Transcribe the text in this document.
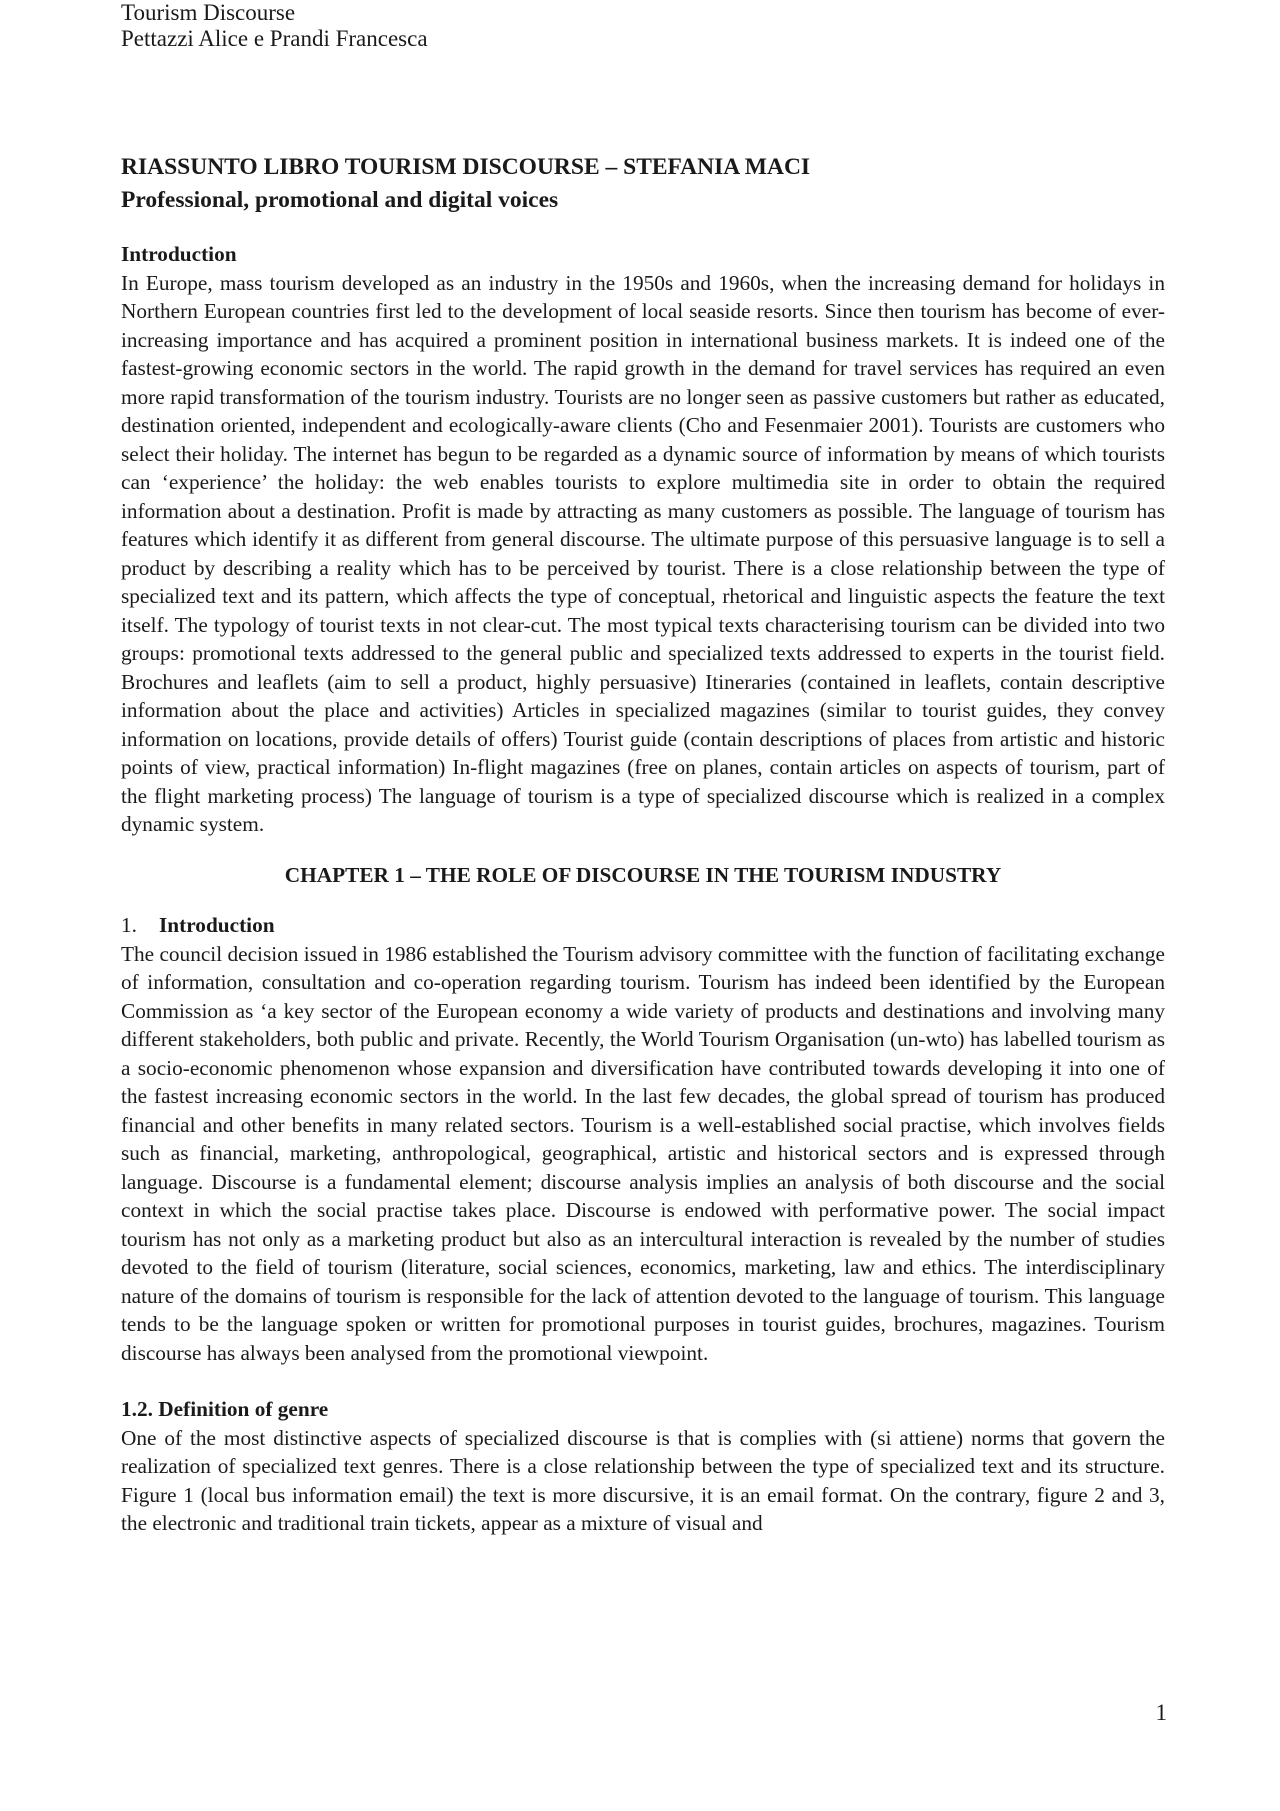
Tourism Discourse
Pettazzi Alice e Prandi Francesca

RIASSUNTO LIBRO TOURISM DISCOURSE – STEFANIA MACI

Professional, promotional and digital voices

Introduction

In Europe, mass tourism developed as an industry in the 1950s and 1960s, when the increasing demand for holidays in Northern European countries first led to the development of local seaside resorts. Since then tourism has become of ever-increasing importance and has acquired a prominent position in international business markets. It is indeed one of the fastest-growing economic sectors in the world. The rapid growth in the demand for travel services has required an even more rapid transformation of the tourism industry. Tourists are no longer seen as passive customers but rather as educated, destination oriented, independent and ecologically-aware clients (Cho and Fesenmaier 2001). Tourists are customers who select their holiday. The internet has begun to be regarded as a dynamic source of information by means of which tourists can ‘experience’ the holiday: the web enables tourists to explore multimedia site in order to obtain the required information about a destination. Profit is made by attracting as many customers as possible. The language of tourism has features which identify it as different from general discourse. The ultimate purpose of this persuasive language is to sell a product by describing a reality which has to be perceived by tourist. There is a close relationship between the type of specialized text and its pattern, which affects the type of conceptual, rhetorical and linguistic aspects the feature the text itself. The typology of tourist texts in not clear-cut. The most typical texts characterising tourism can be divided into two groups: promotional texts addressed to the general public and specialized texts addressed to experts in the tourist field. Brochures and leaflets (aim to sell a product, highly persuasive) Itineraries (contained in leaflets, contain descriptive information about the place and activities) Articles in specialized magazines (similar to tourist guides, they convey information on locations, provide details of offers) Tourist guide (contain descriptions of places from artistic and historic points of view, practical information) In-flight magazines (free on planes, contain articles on aspects of tourism, part of the flight marketing process) The language of tourism is a type of specialized discourse which is realized in a complex dynamic system.

CHAPTER 1 – THE ROLE OF DISCOURSE IN THE TOURISM INDUSTRY

1. Introduction

The council decision issued in 1986 established the Tourism advisory committee with the function of facilitating exchange of information, consultation and co-operation regarding tourism. Tourism has indeed been identified by the European Commission as ‘a key sector of the European economy a wide variety of products and destinations and involving many different stakeholders, both public and private. Recently, the World Tourism Organisation (un-wto) has labelled tourism as a socio-economic phenomenon whose expansion and diversification have contributed towards developing it into one of the fastest increasing economic sectors in the world. In the last few decades, the global spread of tourism has produced financial and other benefits in many related sectors. Tourism is a well-established social practise, which involves fields such as financial, marketing, anthropological, geographical, artistic and historical sectors and is expressed through language. Discourse is a fundamental element; discourse analysis implies an analysis of both discourse and the social context in which the social practise takes place. Discourse is endowed with performative power. The social impact tourism has not only as a marketing product but also as an intercultural interaction is revealed by the number of studies devoted to the field of tourism (literature, social sciences, economics, marketing, law and ethics. The interdisciplinary nature of the domains of tourism is responsible for the lack of attention devoted to the language of tourism. This language tends to be the language spoken or written for promotional purposes in tourist guides, brochures, magazines. Tourism discourse has always been analysed from the promotional viewpoint.

1.2. Definition of genre

One of the most distinctive aspects of specialized discourse is that is complies with (si attiene) norms that govern the realization of specialized text genres. There is a close relationship between the type of specialized text and its structure. Figure 1 (local bus information email) the text is more discursive, it is an email format. On the contrary, figure 2 and 3, the electronic and traditional train tickets, appear as a mixture of visual and

1
